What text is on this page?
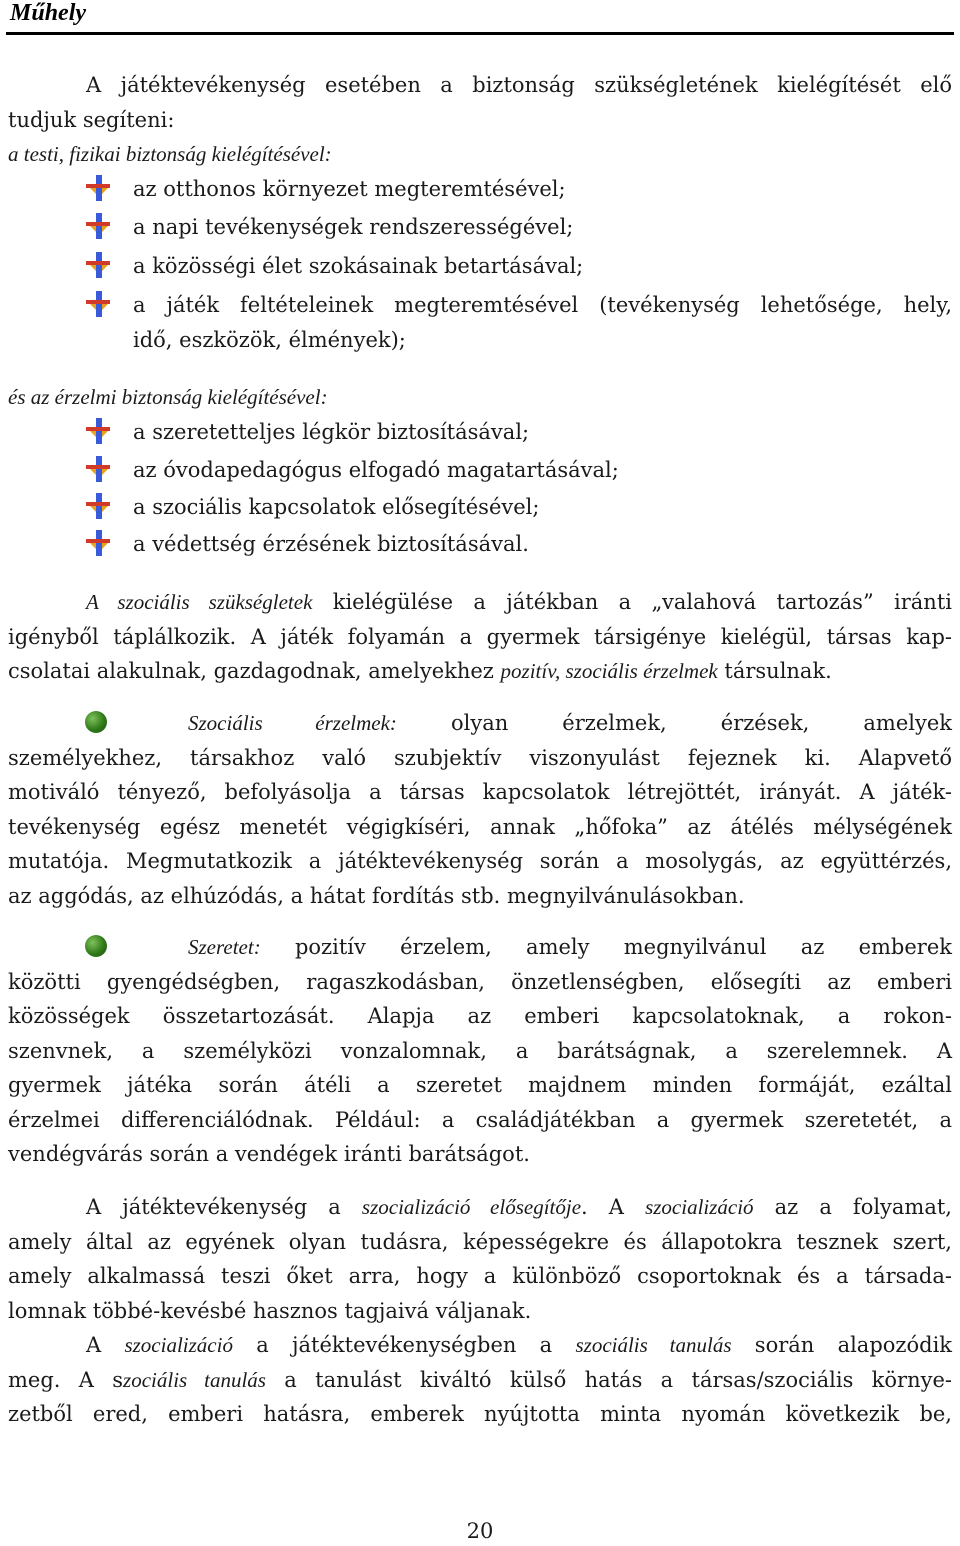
Műhely
A játéktevékenység esetében a biztonság szükségletének kielégítését elő
tudjuk segíteni:
a testi, fizikai biztonság kielégítésével:
az otthonos környezet megteremtésével;
a napi tevékenységek rendszerességével;
a közösségi élet szokásainak betartásával;
a játék feltételeinek megteremtésével (tevékenység lehetősége, hely,
idő, eszközök, élmények);
és az érzelmi biztonság kielégítésével:
a szeretetteljes légkör biztosításával;
az óvodapedagógus elfogadó magatartásával;
a szociális kapcsolatok elősegítésével;
a védettség érzésének biztosításával.
A szociális szükségletek kielégülése a játékban a „valahová tartozás” iránti
igényből táplálkozik. A játék folyamán a gyermek társigénye kielégül, társas kap-
csolatai alakulnak, gazdagodnak, amelyekhez pozitív, szociális érzelmek társulnak.
Szociális érzelmek: olyan érzelmek, érzések, amelyek
személyekhez, társakhoz való szubjektív viszonyulást fejeznek ki. Alapvető
motiváló tényező, befolyásolja a társas kapcsolatok létrejöttét, irányát. A játék-
tevékenység egész menetét végigkíséri, annak „hőfoka” az átélés mélységének
mutatója. Megmutatkozik a játéktevékenység során a mosolygás, az együttérzés,
az aggódás, az elhúzódás, a hátat fordítás stb. megnyilvánulásokban.
Szeretet: pozitív érzelem, amely megnyilvánul az emberek
közötti gyengédségben, ragaszkodásban, önzetlenségben, elősegíti az emberi
közösségek összetartozását. Alapja az emberi kapcsolatoknak, a rokon-
szenvnek, a személyközi vonzalomnak, a barátságnak, a szerelemnek. A
gyermek játéka során átéli a szeretet majdnem minden formáját, ezáltal
érzelmei differenciálódnak. Például: a családjátékban a gyermek szeretetét, a
vendégvárás során a vendégek iránti barátságot.
A játéktevékenység a szocializáció elősegítője. A szocializáció az a folyamat,
amely által az egyének olyan tudásra, képességekre és állapotokra tesznek szert,
amely alkalmassá teszi őket arra, hogy a különböző csoportoknak és a társada-
lomnak többé-kevésbé hasznos tagjaivá váljanak.
A szocializáció a játéktevékenységben a szociális tanulás során alapozódik
meg. A szociális tanulás a tanulást kiváltó külső hatás a társas/szociális környe-
zetből ered, emberi hatásra, emberek nyújtotta minta nyomán következik be,
20
